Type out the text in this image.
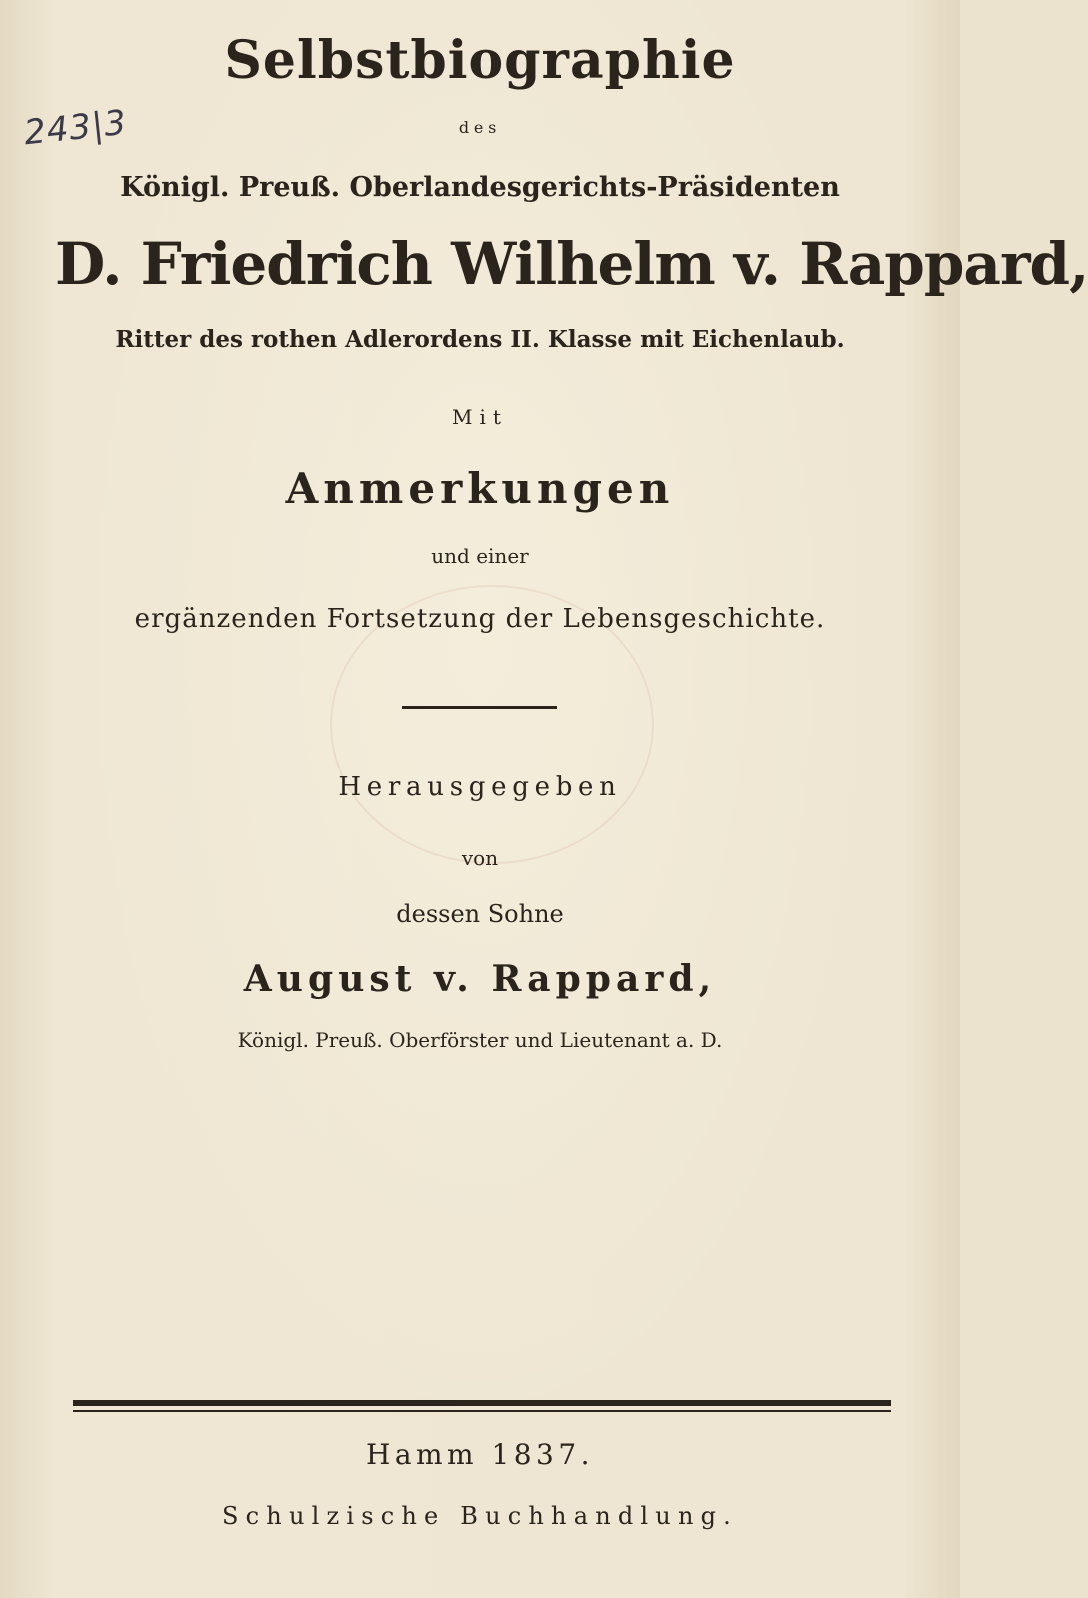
243|3
Selbstbiographie
des
Königl. Preuß. Oberlandesgerichts-Präsidenten
D. Friedrich Wilhelm v. Rappard,
Ritter des rothen Adlerordens II. Klasse mit Eichenlaub.
Mit
Anmerkungen
und einer
ergänzenden Fortsetzung der Lebensgeschichte.
Herausgegeben
von
dessen Sohne
August v. Rappard,
Königl. Preuß. Oberförster und Lieutenant a. D.
Hamm 1837.
Schulzische Buchhandlung.
